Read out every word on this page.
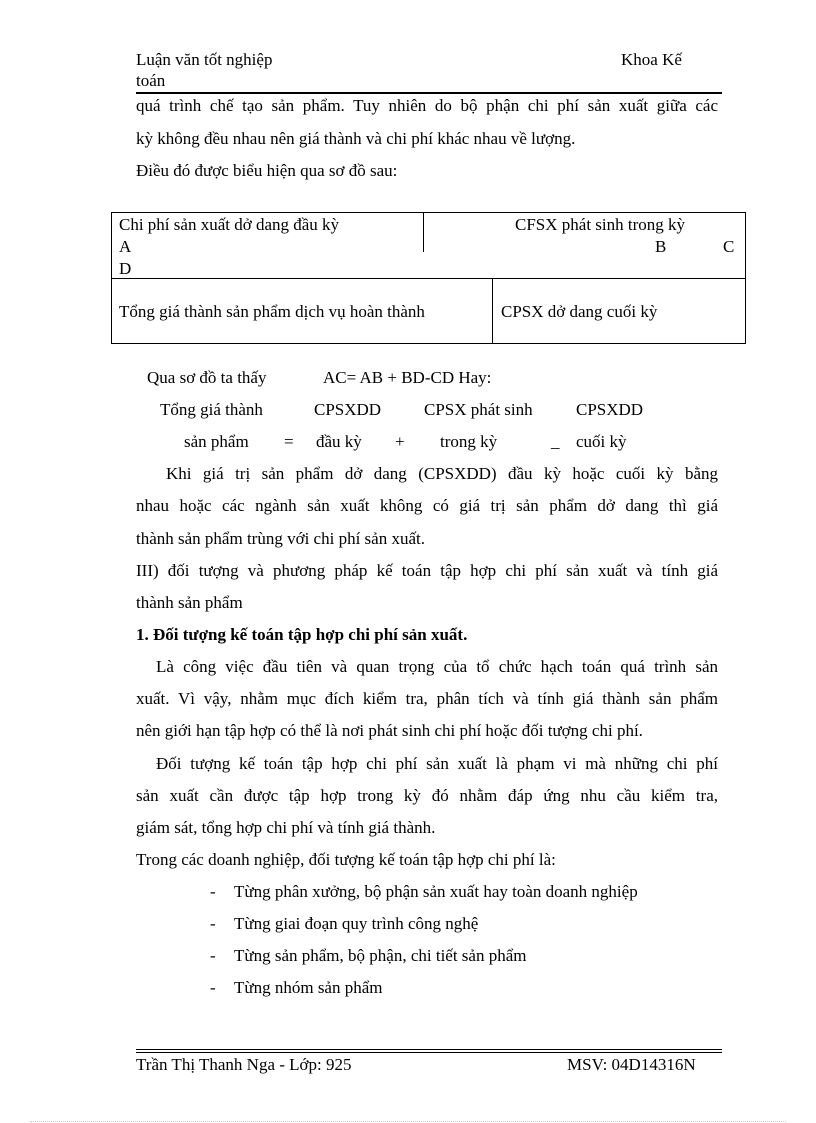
Luận văn tốt nghiệp
toán
Khoa Kế
quá trình chế tạo sản phẩm. Tuy nhiên do bộ phận chi phí sản xuất giữa các
kỳ không đều nhau nên giá thành và chi phí khác nhau về lượng.
Điều đó được biểu hiện qua sơ đồ sau:
Chi phí sản xuất dở dang đầu kỳ	CFSX phát sinh trong kỳ
A	B	C
D
Tổng giá thành sản phẩm dịch vụ hoàn thành	CPSX dở dang cuối kỳ
Qua sơ đồ ta thấy	AC= AB + BD-CD Hay:
Tổng giá thành	CPSXDD	CPSX phát sinh	CPSXDD
sản phẩm = đầu kỳ + trong kỳ	_ cuối kỳ
Khi giá trị sản phẩm dở dang (CPSXDD) đầu kỳ hoặc cuối kỳ bằng
nhau hoặc các ngành sản xuất không có giá trị sản phẩm dở dang thì giá
thành sản phẩm trùng với chi phí sản xuất.
III) đối tượng và phương pháp kế toán tập hợp chi phí sản xuất và tính giá
thành sản phẩm
1. Đối tượng kế toán tập hợp chi phí sản xuất.
Là công việc đầu tiên và quan trọng của tổ chức hạch toán quá trình sản
xuất. Vì vậy, nhằm mục đích kiểm tra, phân tích và tính giá thành sản phẩm
nên giới hạn tập hợp có thể là nơi phát sinh chi phí hoặc đối tượng chi phí.
Đối tượng kế toán tập hợp chi phí sản xuất là phạm vi mà những chi phí
sản xuất cần được tập hợp trong kỳ đó nhằm đáp ứng nhu cầu kiểm tra,
giám sát, tổng hợp chi phí và tính giá thành.
Trong các doanh nghiệp, đối tượng kế toán tập hợp chi phí là:
- Từng phân xưởng, bộ phận sản xuất hay toàn doanh nghiệp
- Từng giai đoạn quy trình công nghệ
- Từng sản phẩm, bộ phận, chi tiết sản phẩm
- Từng nhóm sản phẩm
Trần Thị Thanh Nga - Lớp: 925	MSV: 04D14316N
